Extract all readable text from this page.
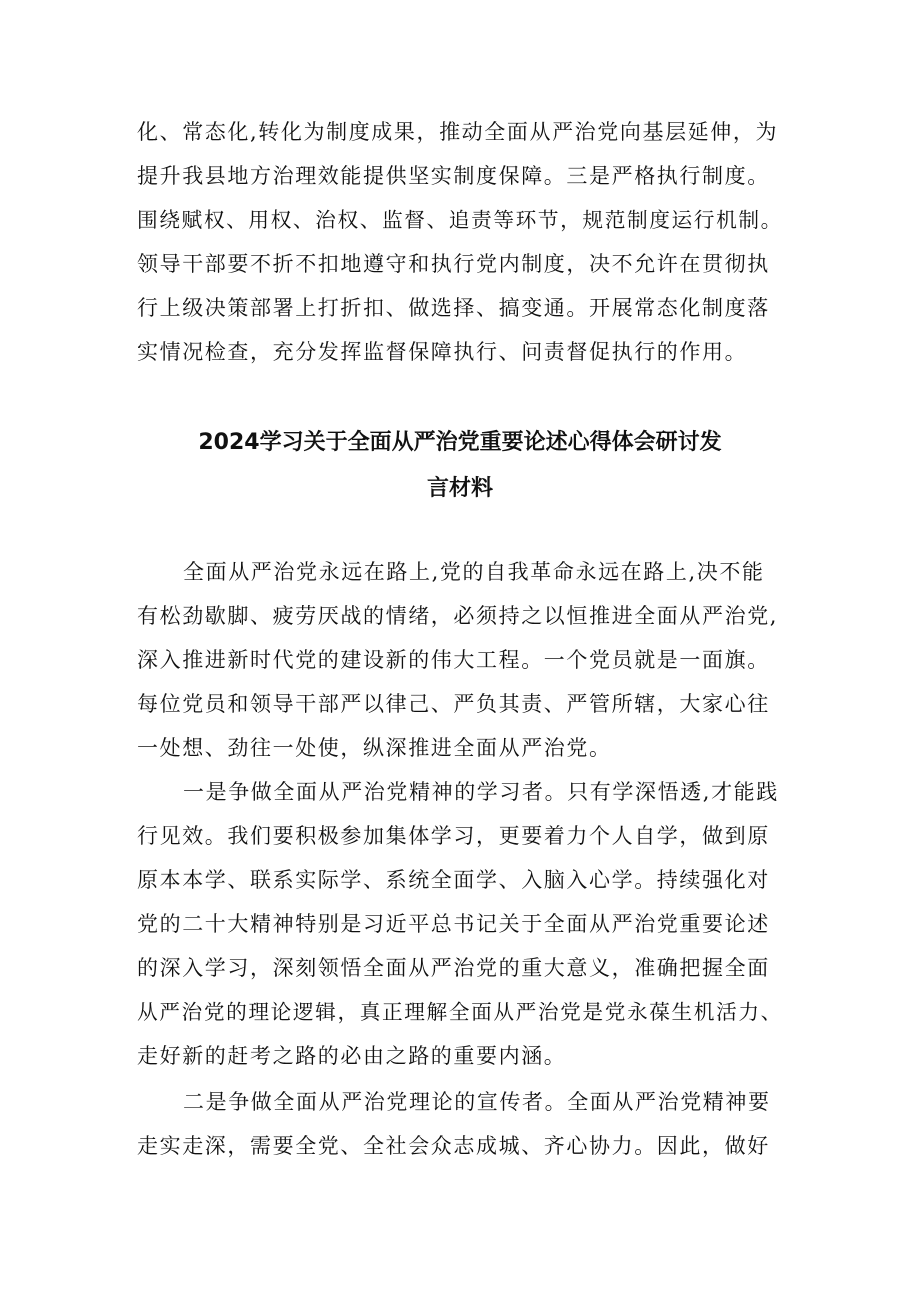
化、常态化,转化为制度成果，推动全面从严治党向基层延伸，为
提升我县地方治理效能提供坚实制度保障。三是严格执行制度。
围绕赋权、用权、治权、监督、追责等环节，规范制度运行机制。
领导干部要不折不扣地遵守和执行党内制度，决不允许在贯彻执
行上级决策部署上打折扣、做选择、搞变通。开展常态化制度落
实情况检查，充分发挥监督保障执行、问责督促执行的作用。
2024学习关于全面从严治党重要论述心得体会研讨发
言材料
全面从严治党永远在路上,党的自我革命永远在路上,决不能
有松劲歇脚、疲劳厌战的情绪，必须持之以恒推进全面从严治党,
深入推进新时代党的建设新的伟大工程。一个党员就是一面旗。
每位党员和领导干部严以律己、严负其责、严管所辖，大家心往
一处想、劲往一处使，纵深推进全面从严治党。
一是争做全面从严治党精神的学习者。只有学深悟透,才能践
行见效。我们要积极参加集体学习，更要着力个人自学，做到原
原本本学、联系实际学、系统全面学、入脑入心学。持续强化对
党的二十大精神特别是习近平总书记关于全面从严治党重要论述
的深入学习，深刻领悟全面从严治党的重大意义，准确把握全面
从严治党的理论逻辑，真正理解全面从严治党是党永葆生机活力、
走好新的赶考之路的必由之路的重要内涵。
二是争做全面从严治党理论的宣传者。全面从严治党精神要
走实走深，需要全党、全社会众志成城、齐心协力。因此，做好
